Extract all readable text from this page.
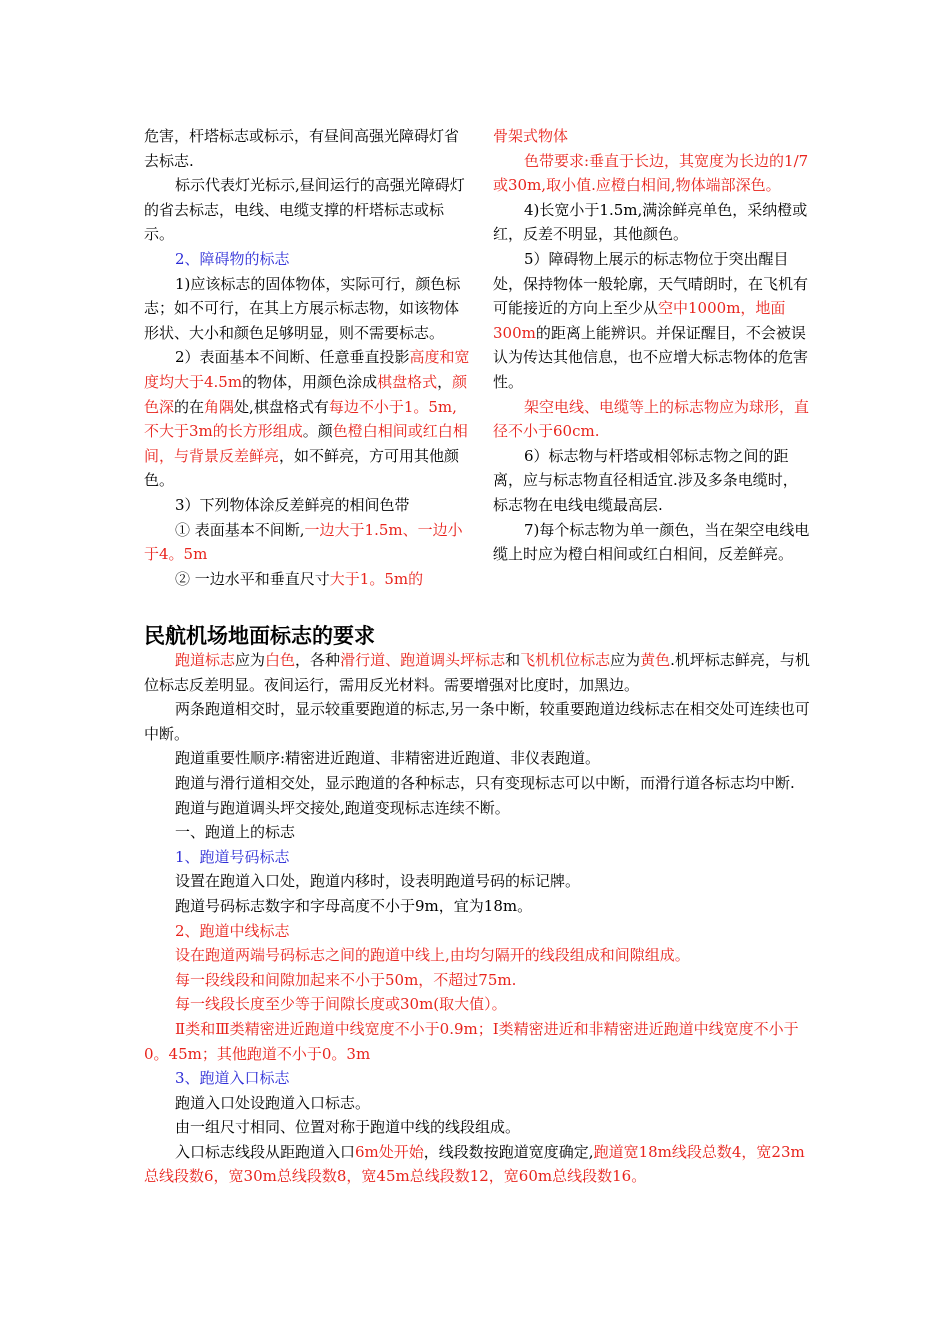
危害，杆塔标志或标示，有昼间高强光障碍灯省去标志.

标示代表灯光标示,昼间运行的高强光障碍灯的省去标志，电线、电缆支撑的杆塔标志或标示。

2、障碍物的标志

1)应该标志的固体物体，实际可行，颜色标志；如不可行，在其上方展示标志物，如该物体形状、大小和颜色足够明显，则不需要标志。

2）表面基本不间断、任意垂直投影高度和宽度均大于4.5m的物体，用颜色涂成棋盘格式，颜色深的在角隅处,棋盘格式有每边不小于1。5m,不大于3m的长方形组成。颜色橙白相间或红白相间，与背景反差鲜亮，如不鲜亮，方可用其他颜色。

3）下列物体涂反差鲜亮的相间色带

① 表面基本不间断,一边大于1.5m、一边小于4。5m

② 一边水平和垂直尺寸大于1。5m的

骨架式物体

色带要求:垂直于长边，其宽度为长边的1/7或30m,取小值.应橙白相间,物体端部深色。

4)长宽小于1.5m,满涂鲜亮单色，采纳橙或红，反差不明显，其他颜色。

5）障碍物上展示的标志物位于突出醒目处，保持物体一般轮廓，天气晴朗时，在飞机有可能接近的方向上至少从空中1000m，地面300m的距离上能辨识。并保证醒目，不会被误认为传达其他信息，也不应增大标志物体的危害性。

架空电线、电缆等上的标志物应为球形，直径不小于60cm.

6）标志物与杆塔或相邻标志物之间的距离，应与标志物直径相适宜.涉及多条电缆时，标志物在电线电缆最高层.

7)每个标志物为单一颜色，当在架空电线电缆上时应为橙白相间或红白相间，反差鲜亮。

民航机场地面标志的要求

跑道标志应为白色，各种滑行道、跑道调头坪标志和飞机机位标志应为黄色.机坪标志鲜亮，与机位标志反差明显。夜间运行，需用反光材料。需要增强对比度时，加黑边。

两条跑道相交时，显示较重要跑道的标志,另一条中断，较重要跑道边线标志在相交处可连续也可中断。

跑道重要性顺序:精密进近跑道、非精密进近跑道、非仪表跑道。

跑道与滑行道相交处，显示跑道的各种标志，只有变现标志可以中断，而滑行道各标志均中断.

跑道与跑道调头坪交接处,跑道变现标志连续不断。

一、跑道上的标志

1、跑道号码标志

设置在跑道入口处，跑道内移时，设表明跑道号码的标记牌。

跑道号码标志数字和字母高度不小于9m，宜为18m。

2、跑道中线标志

设在跑道两端号码标志之间的跑道中线上,由均匀隔开的线段组成和间隙组成。

每一段线段和间隙加起来不小于50m，不超过75m.

每一线段长度至少等于间隙长度或30m(取大值）。

Ⅱ类和Ⅲ类精密进近跑道中线宽度不小于0.9m；Ⅰ类精密进近和非精密进近跑道中线宽度不小于0。45m；其他跑道不小于0。3m

3、跑道入口标志

跑道入口处设跑道入口标志。

由一组尺寸相同、位置对称于跑道中线的线段组成。

入口标志线段从距跑道入口6m处开始，线段数按跑道宽度确定,跑道宽18m线段总数4，宽23m总线段数6，宽30m总线段数8，宽45m总线段数12，宽60m总线段数16。
